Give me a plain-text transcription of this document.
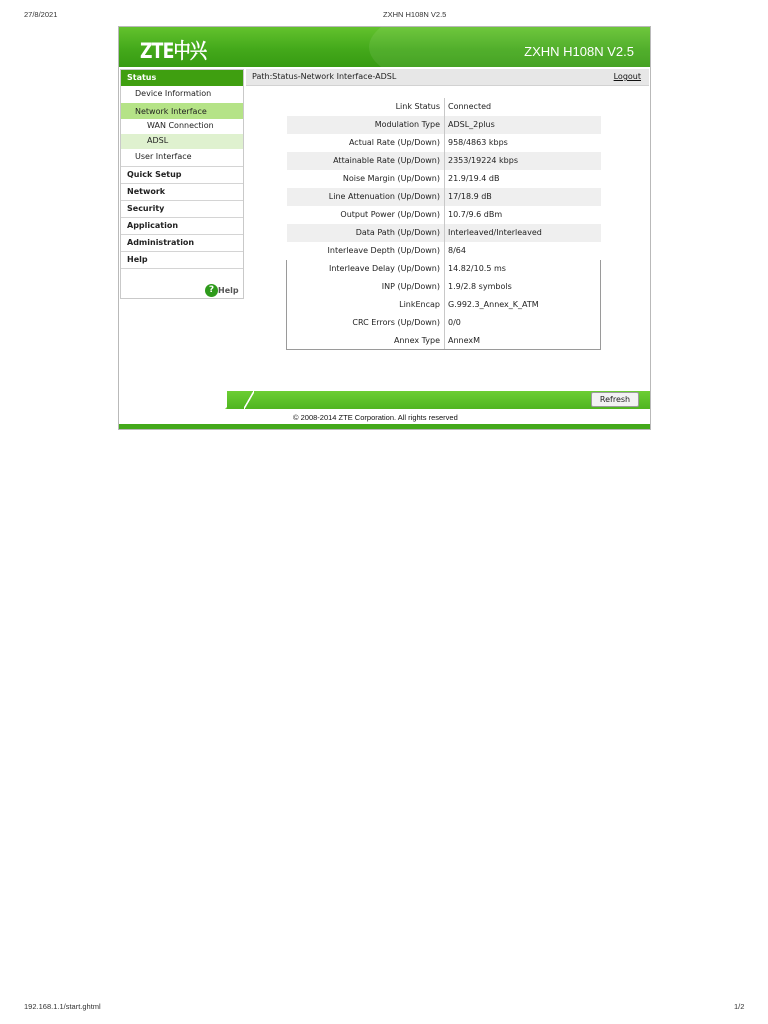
27/8/2021	ZXHN H108N V2.5
ZTE中兴	ZXHN H108N V2.5
Status
Device Information
Network Interface
WAN Connection
ADSL
User Interface
Quick Setup
Network
Security
Application
Administration
Help
? Help
Path:Status-Network Interface-ADSL	Logout
Link Status	Connected
Modulation Type	ADSL_2plus
Actual Rate (Up/Down)	958/4863 kbps
Attainable Rate (Up/Down)	2353/19224 kbps
Noise Margin (Up/Down)	21.9/19.4 dB
Line Attenuation (Up/Down)	17/18.9 dB
Output Power (Up/Down)	10.7/9.6 dBm
Data Path (Up/Down)	Interleaved/Interleaved
Interleave Depth (Up/Down)	8/64
Interleave Delay (Up/Down)	14.82/10.5 ms
INP (Up/Down)	1.9/2.8 symbols
LinkEncap	G.992.3_Annex_K_ATM
CRC Errors (Up/Down)	0/0
Annex Type	AnnexM
Refresh
© 2008-2014 ZTE Corporation. All rights reserved
192.168.1.1/start.ghtml	1/2
